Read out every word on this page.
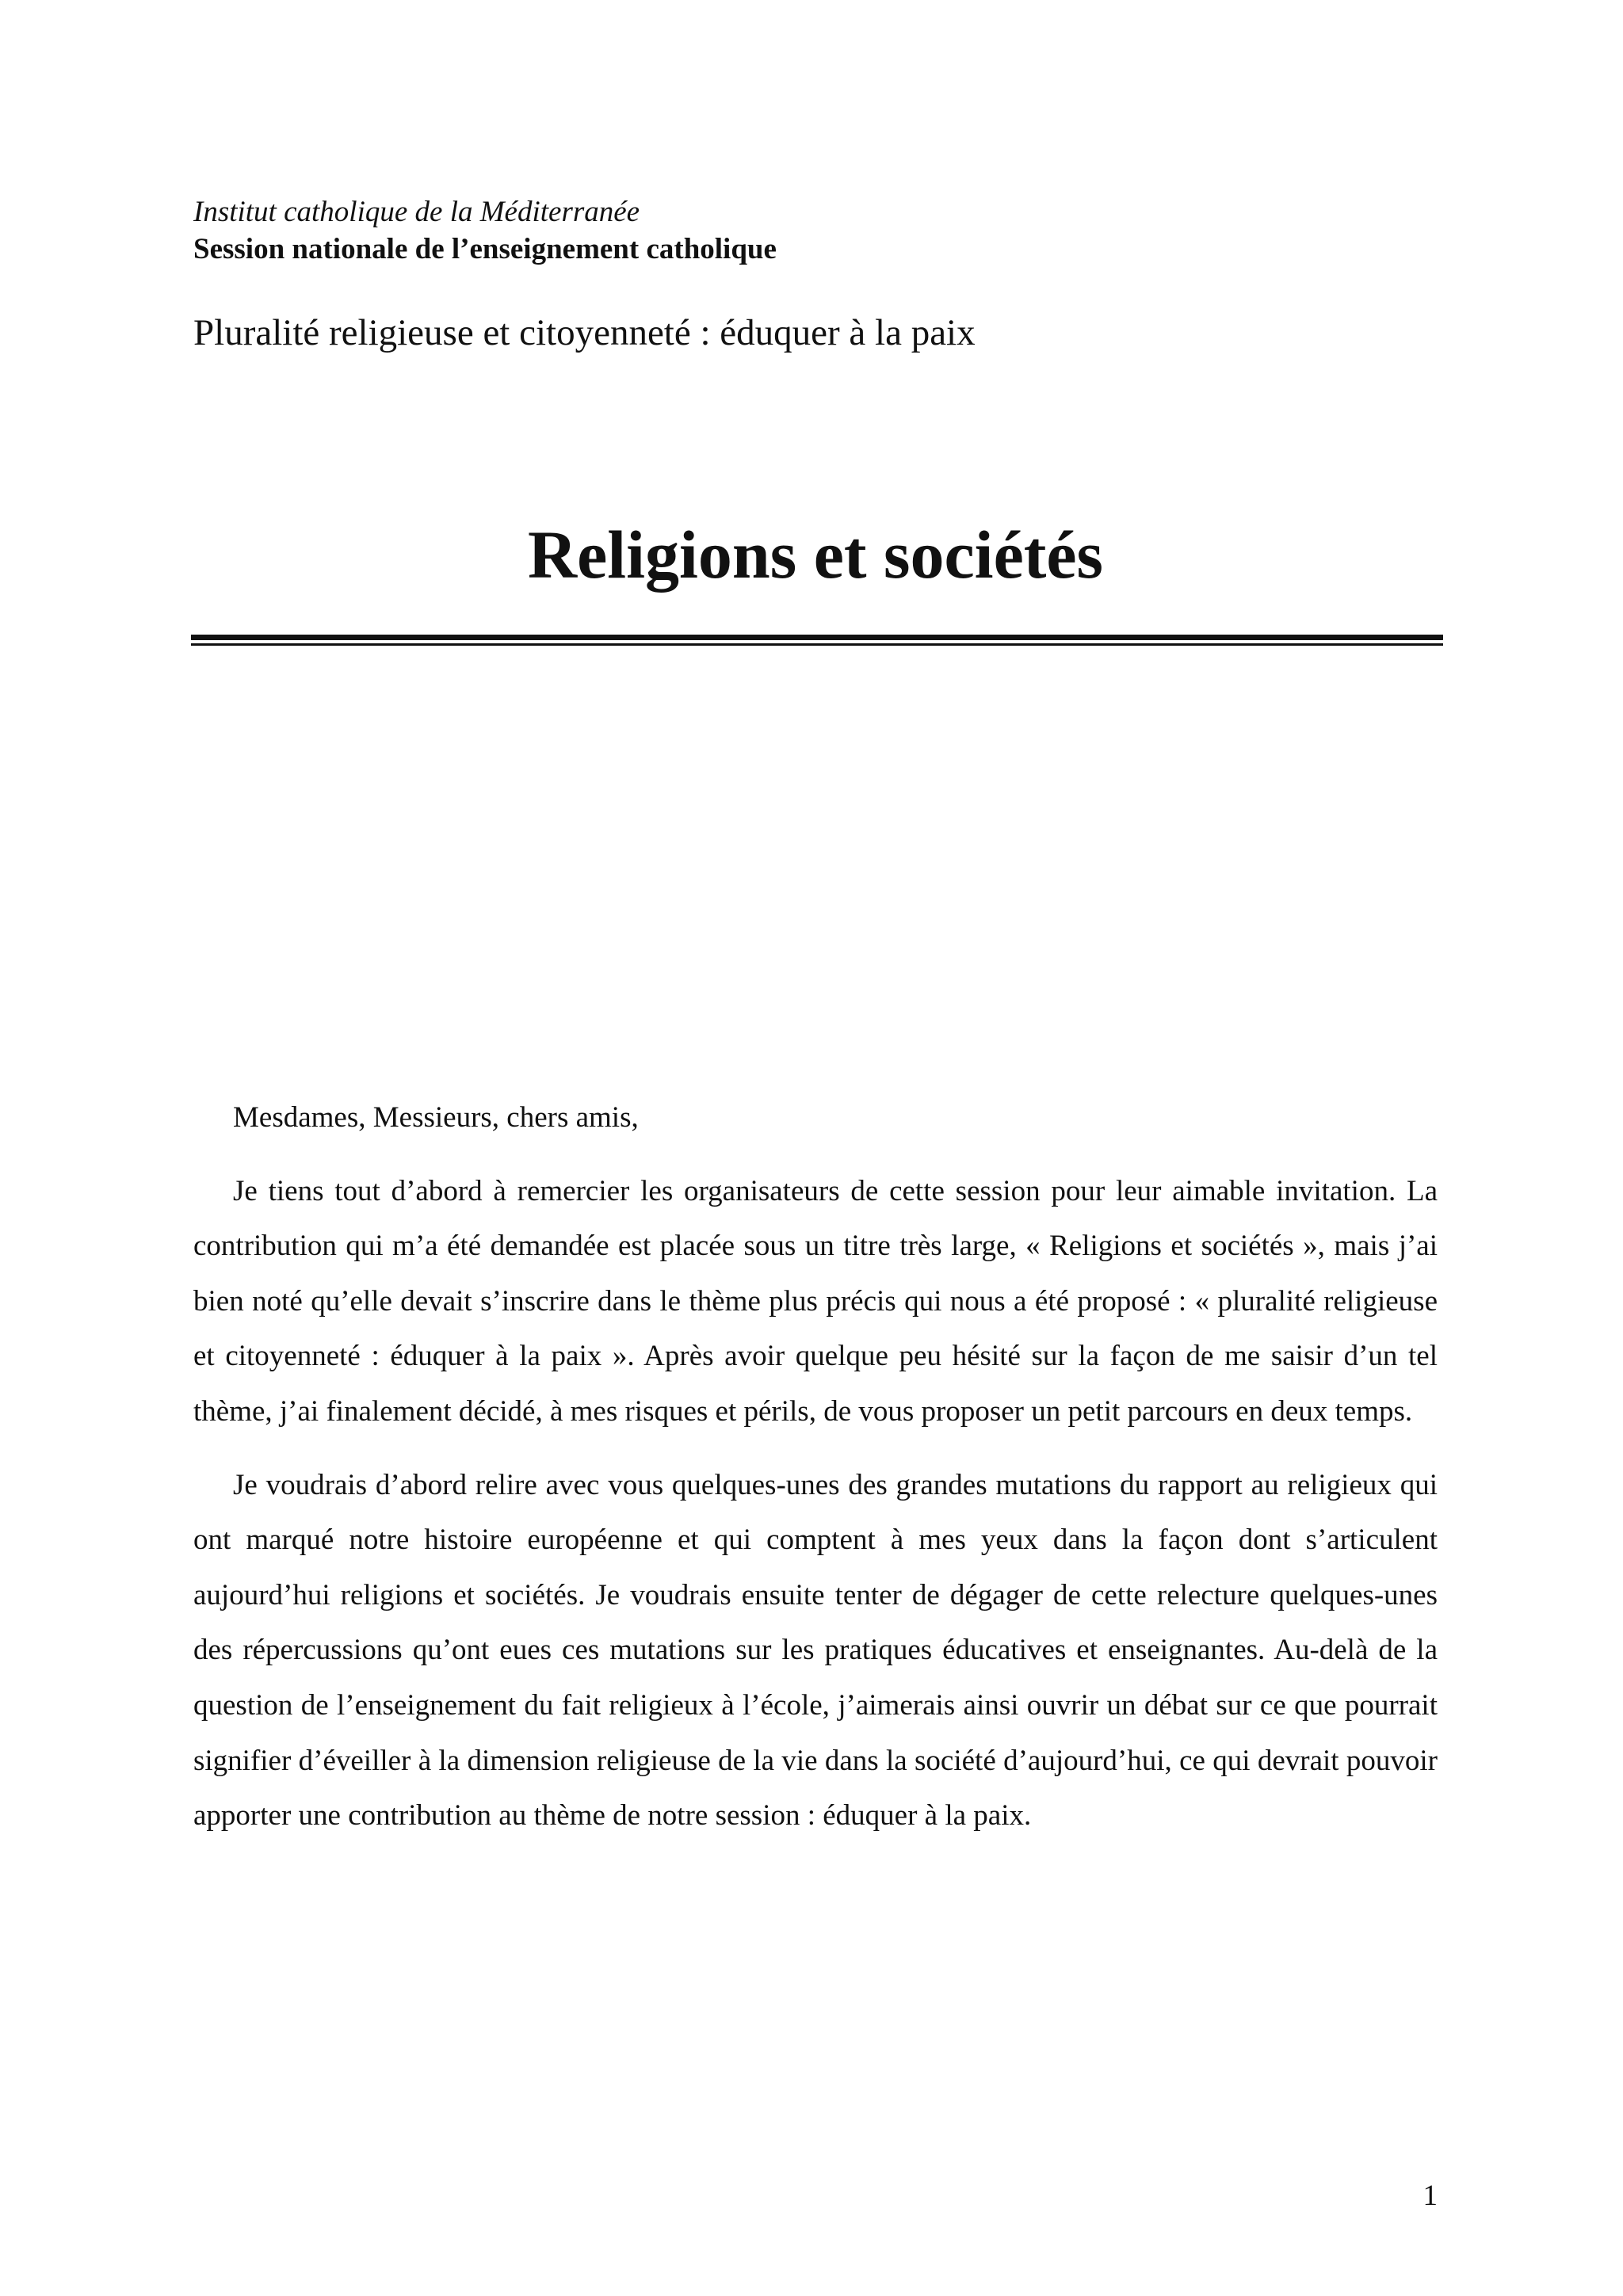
Institut catholique de la Méditerranée

Session nationale de l’enseignement catholique

Pluralité religieuse et citoyenneté : éduquer à la paix

Religions et sociétés

Mesdames, Messieurs, chers amis,

Je tiens tout d’abord à remercier les organisateurs de cette session pour leur aimable invitation. La contribution qui m’a été demandée est placée sous un titre très large, « Religions et sociétés », mais j’ai bien noté qu’elle devait s’inscrire dans le thème plus précis qui nous a été proposé : « pluralité religieuse et citoyenneté : éduquer à la paix ». Après avoir quelque peu hésité sur la façon de me saisir d’un tel thème, j’ai finalement décidé, à mes risques et périls, de vous proposer un petit parcours en deux temps.

Je voudrais d’abord relire avec vous quelques-unes des grandes mutations du rapport au religieux qui ont marqué notre histoire européenne et qui comptent à mes yeux dans la façon dont s’articulent aujourd’hui religions et sociétés. Je voudrais ensuite tenter de dégager de cette relecture quelques-unes des répercussions qu’ont eues ces mutations sur les pratiques éducatives et enseignantes. Au-delà de la question de l’enseignement du fait religieux à l’école, j’aimerais ainsi ouvrir un débat sur ce que pourrait signifier d’éveiller à la dimension religieuse de la vie dans la société d’aujourd’hui, ce qui devrait pouvoir apporter une contribution au thème de notre session : éduquer à la paix.

1
